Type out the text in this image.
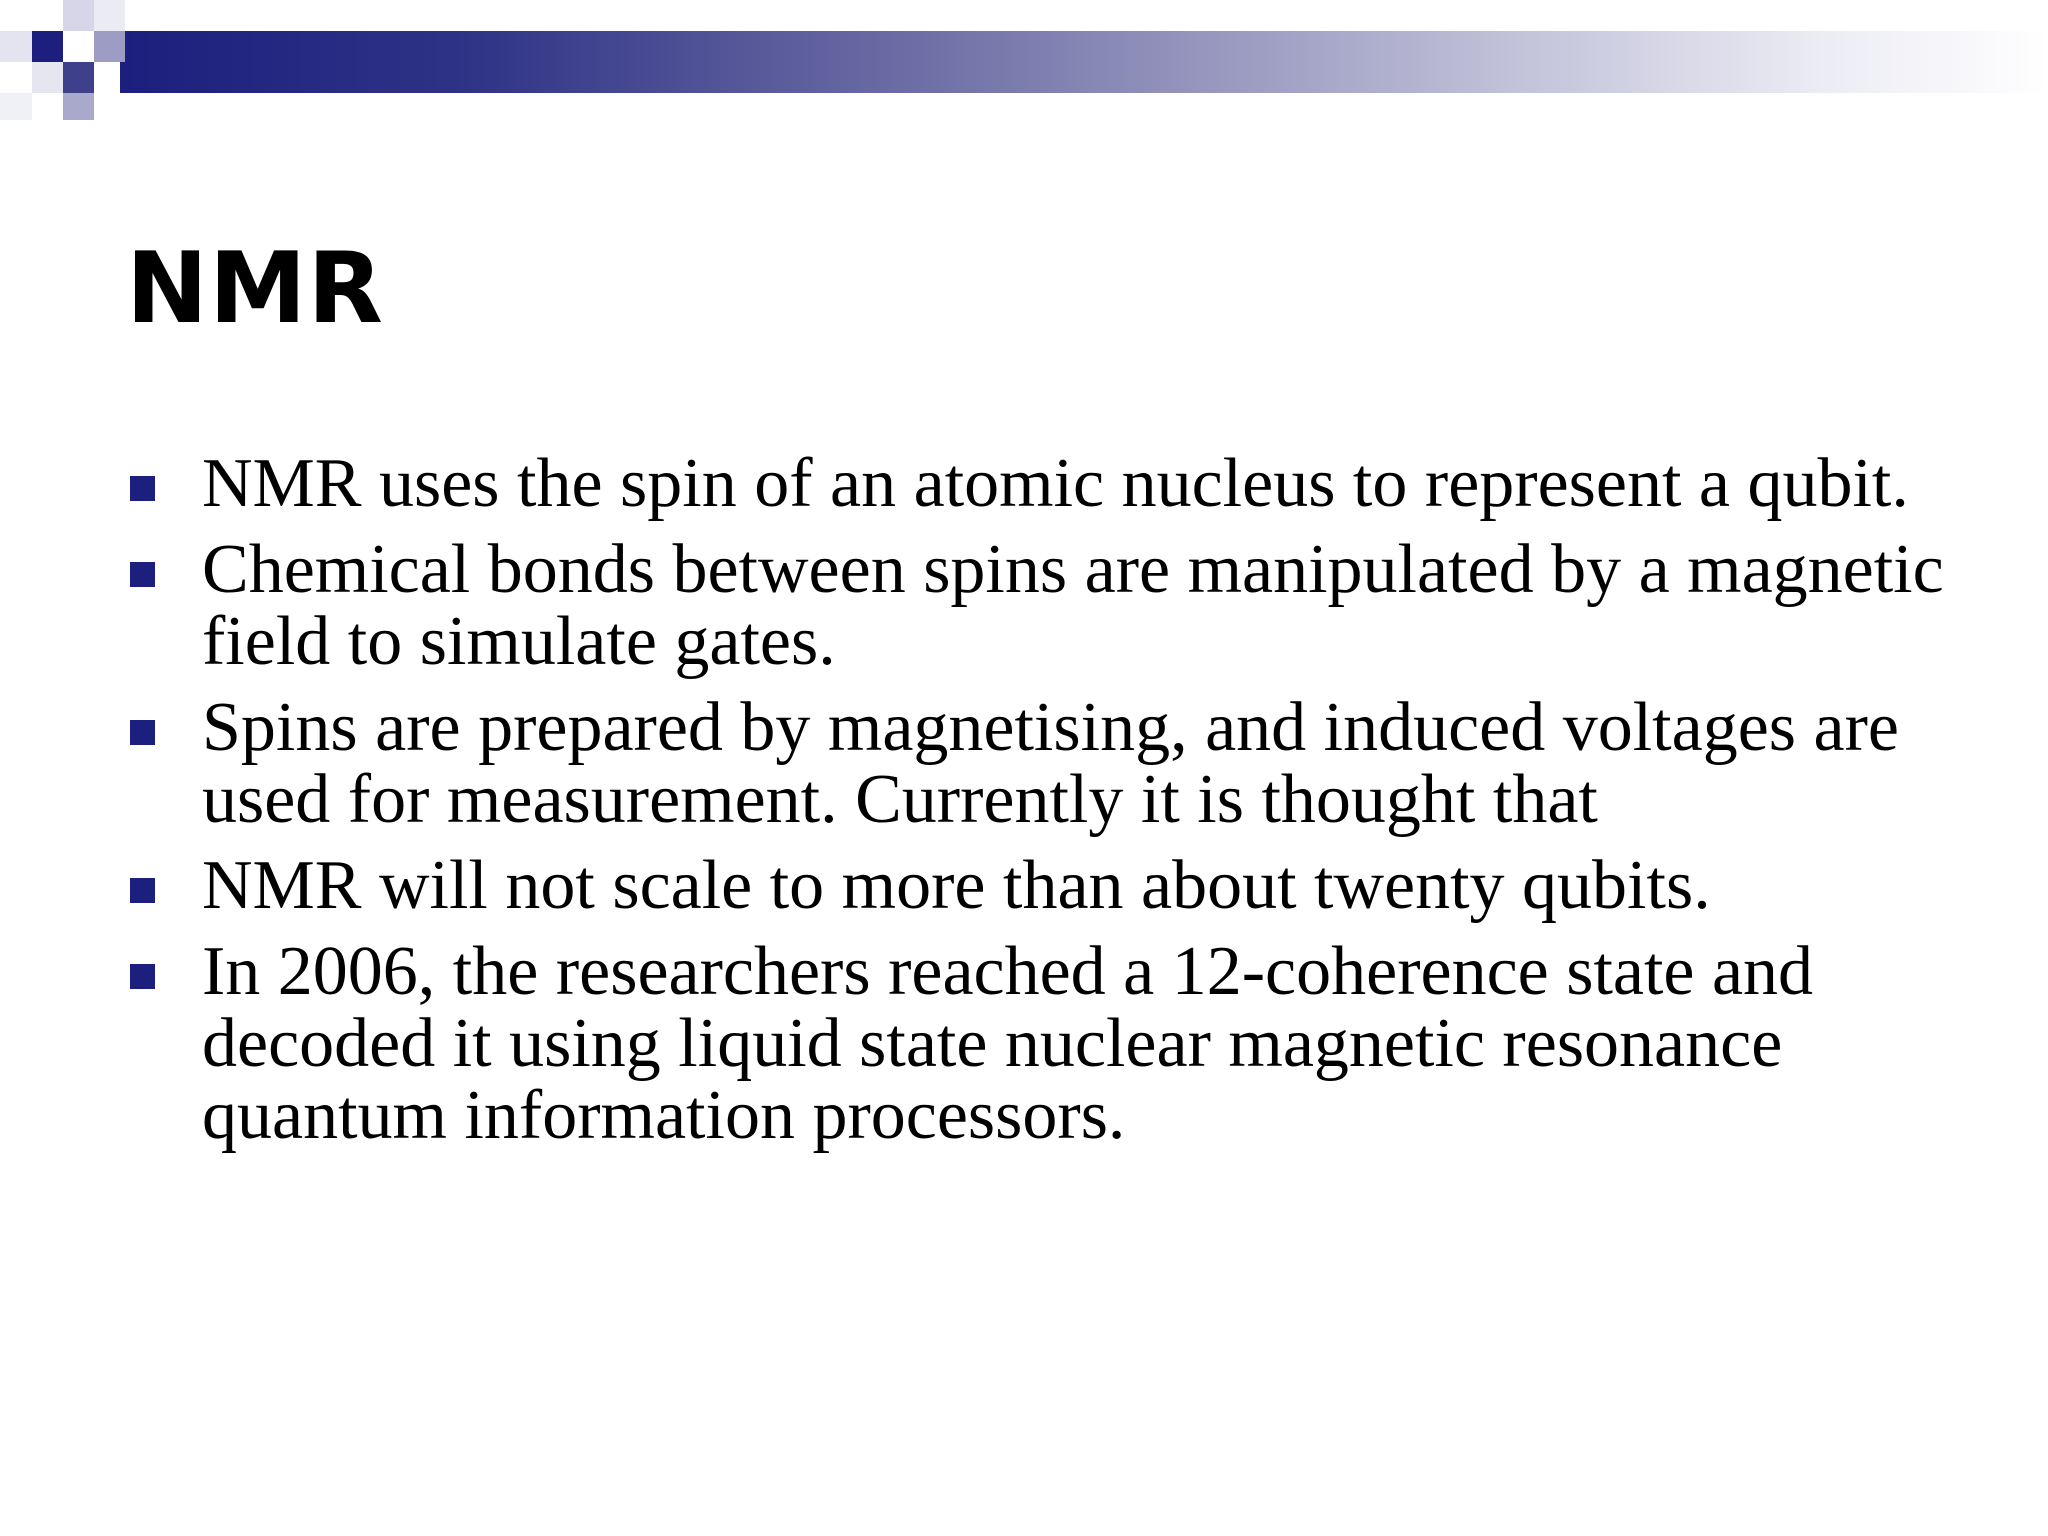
NMR
NMR uses the spin of an atomic nucleus to represent a qubit.
Chemical bonds between spins are manipulated by a magnetic field to simulate gates.
Spins are prepared by magnetising, and induced voltages are used for measurement. Currently it is thought that
NMR will not scale to more than about twenty qubits.
In 2006, the researchers reached a 12-coherence state and decoded it using liquid state nuclear magnetic resonance quantum information processors.
